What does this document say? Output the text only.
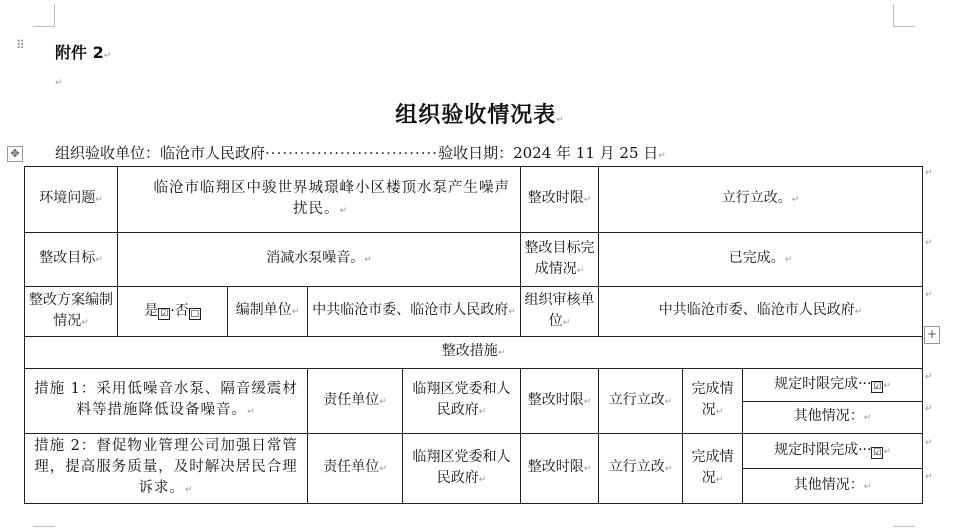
⠿ 附件 2↵
↵
组织验收情况表↵
✥ 组织验收单位：临沧市人民政府······························验收日期：2024 年 11 月 25 日↵
环境问题↵	临沧市临翔区中骏世界城璟峰小区楼顶水泵产生噪声扰民。↵				整改时限↵	立行立改。↵		
整改目标↵	消减水泵噪音。↵				整改目标完成情况↵	已完成。↵		
整改方案编制情况↵	是 ☑ ·否 □	编制单位↵	中共临沧市委、临沧市人民政府↵		组织审核单位↵	中共临沧市委、临沧市人民政府↵		
整改措施↵								
措施 1：采用低噪音水泵、隔音缓震材料等措施降低设备噪音。↵			责任单位↵	临翔区党委和人民政府↵	整改时限↵	立行立改↵	完成情况↵	规定时限完成··· ☑ ↵
								其他情况：↵
措施 2：督促物业管理公司加强日常管理，提高服务质量，及时解决居民合理诉求。↵			责任单位↵	临翔区党委和人民政府↵	整改时限↵	立行立改↵	完成情况↵	规定时限完成··· ☑ ↵
								其他情况：↵
+
↵
↵
↵
↵
↵
↵
↵
